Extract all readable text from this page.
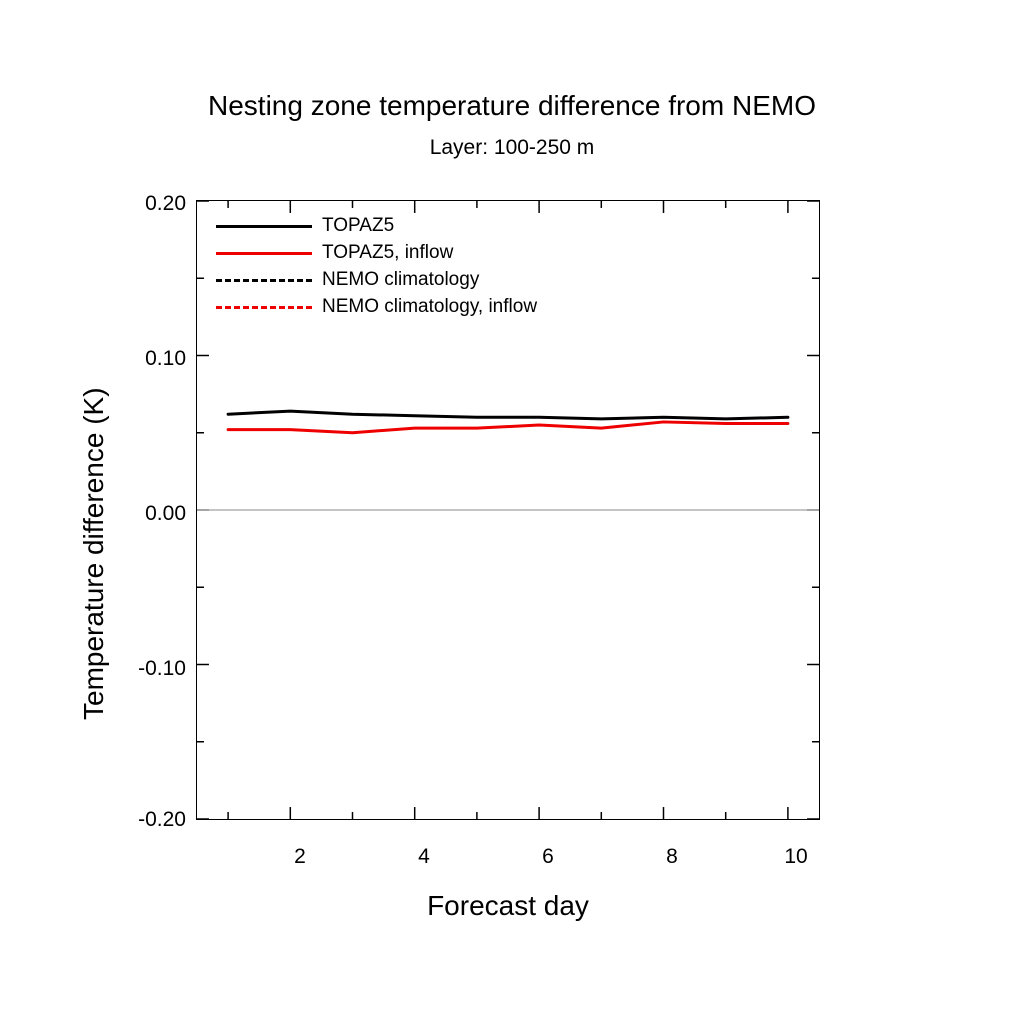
Nesting zone temperature difference from NEMO
Layer: 100-250 m
Temperature difference (K)
Forecast day
0.20
0.10
0.00
-0.10
-0.20
2	4	6	8	10
TOPAZ5
TOPAZ5, inflow
NEMO climatology
NEMO climatology, inflow
